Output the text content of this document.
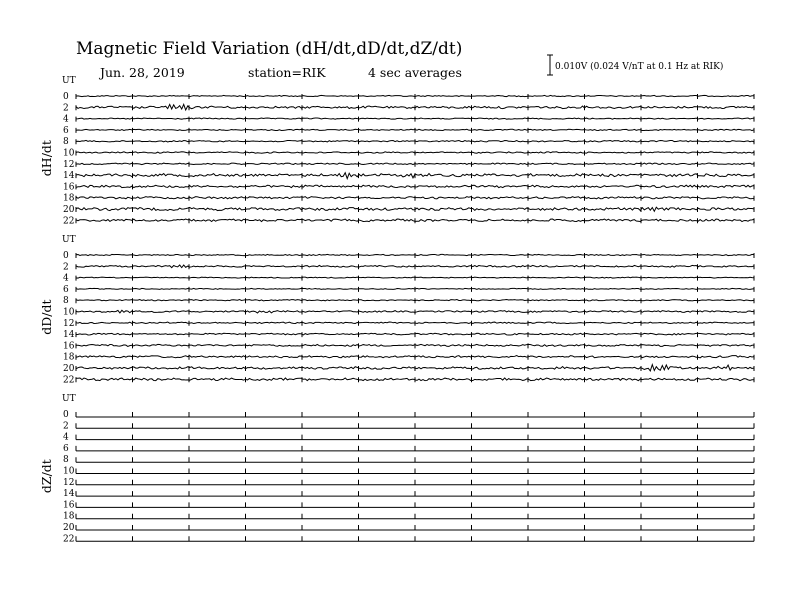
Magnetic Field Variation (dH/dt,dD/dt,dZ/dt)
Jun. 28, 2019	station=RIK	4 sec averages	0.010V (0.024 V/nT at 0.1 Hz at RIK)
UT
dH/dt
0
2
4
6
8
10
12
14
16
18
20
22
UT
dD/dt
0
2
4
6
8
10
12
14
16
18
20
22
UT
dZ/dt
0
2
4
6
8
10
12
14
16
18
20
22
